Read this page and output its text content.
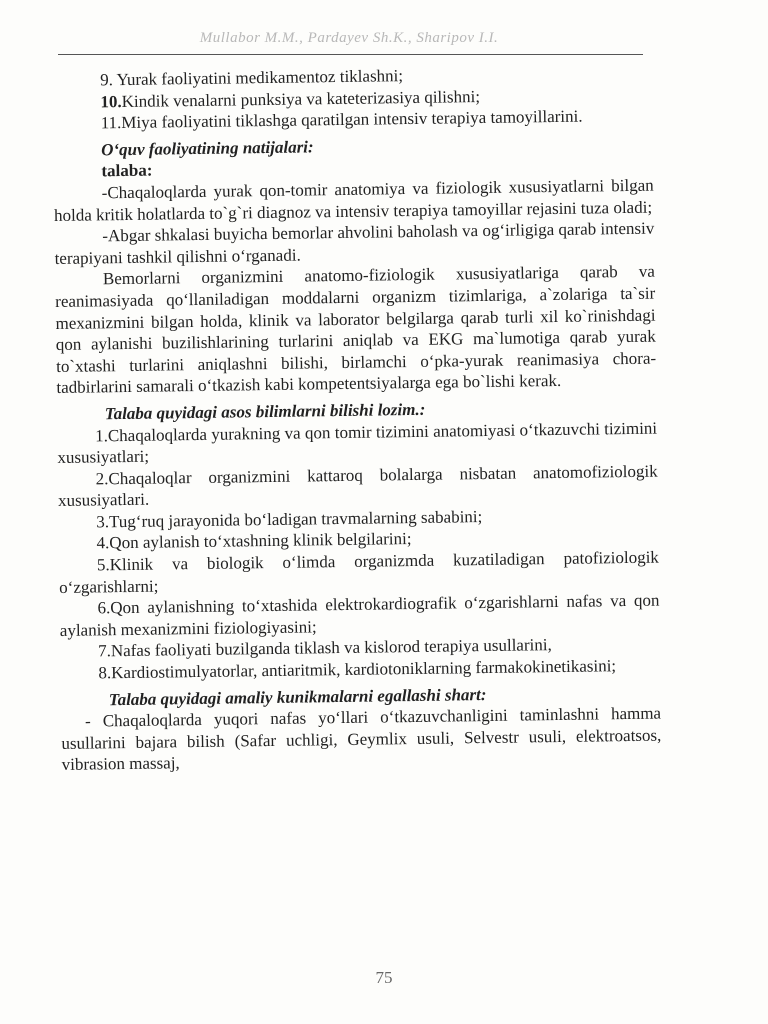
Mullabor M.M., Pardayev Sh.K., Sharipov I.I.

9. Yurak faoliyatini medikamentoz tiklashni;

10.Kindik venalarni punksiya va kateterizasiya qilishni;

11.Miya faoliyatini tiklashga qaratilgan intensiv terapiya tamoyillarini.

O‘quv faoliyatining natijalari:

talaba:

-Chaqaloqlarda yurak qon-tomir anatomiya va fiziologik xususiyatlarni bilgan holda kritik holatlarda to`g`ri diagnoz va intensiv terapiya tamoyillar rejasini tuza oladi;

-Abgar shkalasi buyicha bemorlar ahvolini baholash va og‘irligiga qarab intensiv terapiyani tashkil qilishni o‘rganadi.

Bemorlarni organizmini anatomo-fiziologik xususiyatlariga qarab va reanimasiyada qo‘llaniladigan moddalarni organizm tizimlariga, a`zolariga ta`sir mexanizmini bilgan holda, klinik va laborator belgilarga qarab turli xil ko`rinishdagi qon aylanishi buzilishlarining turlarini aniqlab va EKG ma`lumotiga qarab yurak to`xtashi turlarini aniqlashni bilishi, birlamchi o‘pka-yurak reanimasiya chora-tadbirlarini samarali o‘tkazish kabi kompetentsiyalarga ega bo`lishi kerak.

Talaba quyidagi asos bilimlarni bilishi lozim.:

1.Chaqaloqlarda yurakning va qon tomir tizimini anatomiyasi o‘tkazuvchi tizimini xususiyatlari;

2.Chaqaloqlar organizmini kattaroq bolalarga nisbatan anatomofiziologik xususiyatlari.

3.Tug‘ruq jarayonida bo‘ladigan travmalarning sababini;

4.Qon aylanish to‘xtashning klinik belgilarini;

5.Klinik va biologik o‘limda organizmda kuzatiladigan patofiziologik o‘zgarishlarni;

6.Qon aylanishning to‘xtashida elektrokardiografik o‘zgarishlarni nafas va qon aylanish mexanizmini fiziologiyasini;

7.Nafas faoliyati buzilganda tiklash va kislorod terapiya usullarini,

8.Kardiostimulyatorlar, antiaritmik, kardiotoniklarning farmakokinetikasini;

Talaba quyidagi amaliy kunikmalarni egallashi shart:

- Chaqaloqlarda yuqori nafas yo‘llari o‘tkazuvchanligini taminlashni hamma usullarini bajara bilish (Safar uchligi, Geymlix usuli, Selvestr usuli, elektroatsos, vibrasion massaj,

75
